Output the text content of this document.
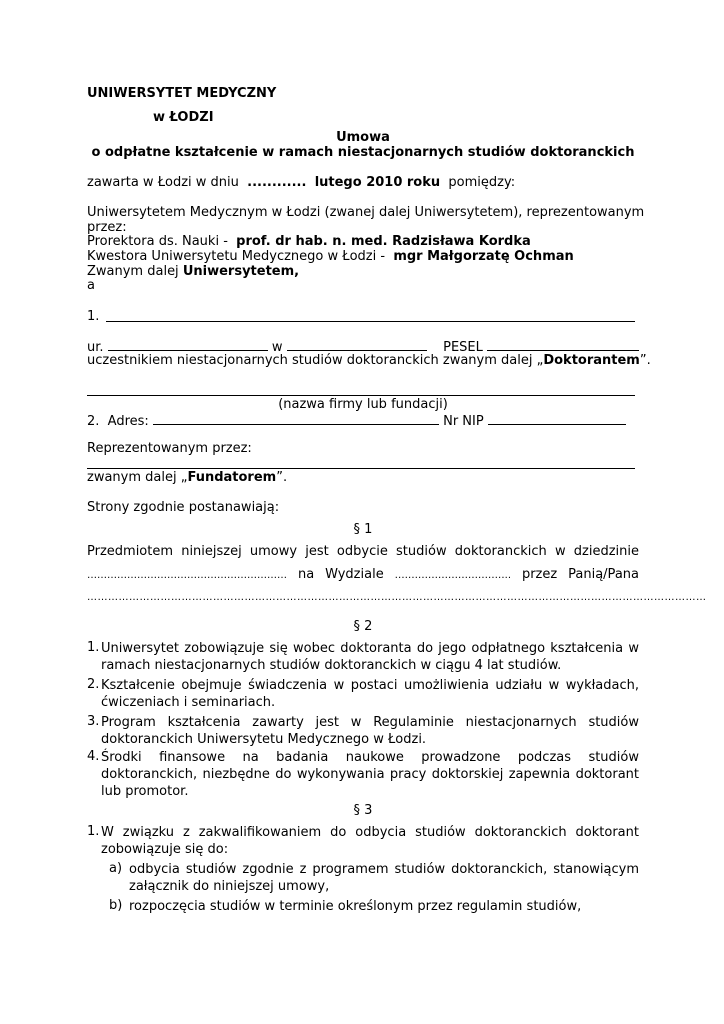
UNIWERSYTET MEDYCZNY
w ŁODZI
Umowa
o odpłatne kształcenie w ramach niestacjonarnych studiów doktoranckich
zawarta w Łodzi w dniu ............ lutego 2010 roku pomiędzy:
Uniwersytetem Medycznym w Łodzi (zwanej dalej Uniwersytetem), reprezentowanym
przez:
Prorektora ds. Nauki - prof. dr hab. n. med. Radzisława Kordka
Kwestora Uniwersytetu Medycznego w Łodzi - mgr Małgorzatę Ochman
Zwanym dalej Uniwersytetem,
a
1.
ur.	w	PESEL
uczestnikiem niestacjonarnych studiów doktoranckich zwanym dalej „Doktorantem”.
(nazwa firmy lub fundacji)
2. Adres:	Nr NIP
Reprezentowanym przez:
zwanym dalej „Fundatorem”.
Strony zgodnie postanawiają:
§ 1
Przedmiotem niniejszej umowy jest odbycie studiów doktoranckich w dziedzinie
…………………………………………………… na Wydziale …………………………….. przez Panią/Pana
……………………………………………………………………………………………………………………………………………………………
§ 2
1. Uniwersytet zobowiązuje się wobec doktoranta do jego odpłatnego kształcenia w ramach niestacjonarnych studiów doktoranckich w ciągu 4 lat studiów.
2. Kształcenie obejmuje świadczenia w postaci umożliwienia udziału w wykładach, ćwiczeniach i seminariach.
3. Program kształcenia zawarty jest w Regulaminie niestacjonarnych studiów doktoranckich Uniwersytetu Medycznego w Łodzi.
4. Środki finansowe na badania naukowe prowadzone podczas studiów doktoranckich, niezbędne do wykonywania pracy doktorskiej zapewnia doktorant lub promotor.
§ 3
1. W związku z zakwalifikowaniem do odbycia studiów doktoranckich doktorant zobowiązuje się do:
a) odbycia studiów zgodnie z programem studiów doktoranckich, stanowiącym załącznik do niniejszej umowy,
b) rozpoczęcia studiów w terminie określonym przez regulamin studiów,
